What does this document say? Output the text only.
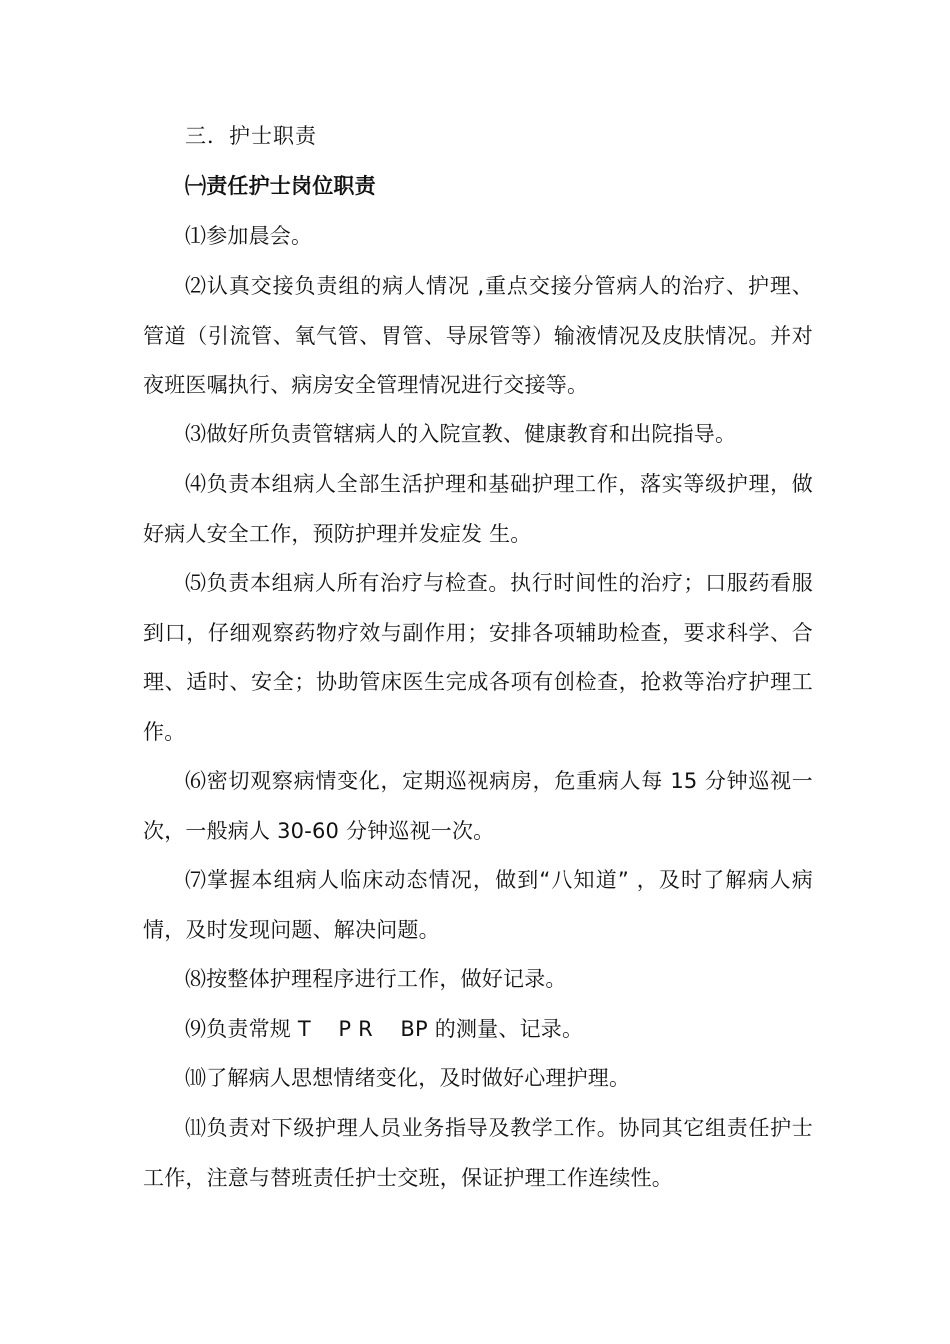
三．护士职责

㈠责任护士岗位职责

⑴参加晨会。

⑵认真交接负责组的病人情况 ,重点交接分管病人的治疗、护理、管道（引流管、氧气管、胃管、导尿管等）输液情况及皮肤情况。并对夜班医嘱执行、病房安全管理情况进行交接等。

⑶做好所负责管辖病人的入院宣教、健康教育和出院指导。

⑷负责本组病人全部生活护理和基础护理工作，落实等级护理，做好病人安全工作，预防护理并发症发 生。

⑸负责本组病人所有治疗与检查。执行时间性的治疗；口服药看服到口，仔细观察药物疗效与副作用；安排各项辅助检查，要求科学、合理、适时、安全；协助管床医生完成各项有创检查，抢救等治疗护理工作。

⑹密切观察病情变化，定期巡视病房，危重病人每 15 分钟巡视一次，一般病人 30-60 分钟巡视一次。

⑺掌握本组病人临床动态情况，做到“八知道” ，及时了解病人病情，及时发现问题、解决问题。

⑻按整体护理程序进行工作，做好记录。

⑼负责常规 T    P R    BP 的测量、记录。

⑽了解病人思想情绪变化，及时做好心理护理。

⑾负责对下级护理人员业务指导及教学工作。协同其它组责任护士工作，注意与替班责任护士交班，保证护理工作连续性。
